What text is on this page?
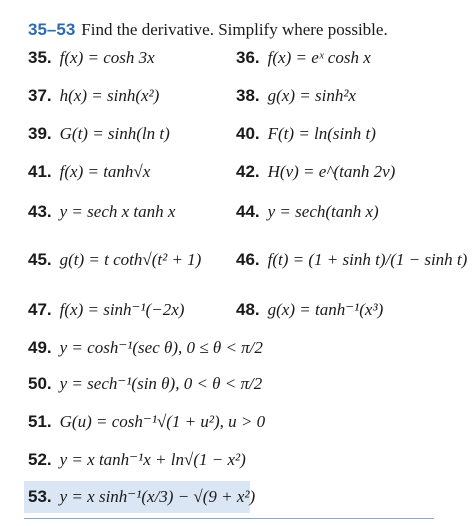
35–53 Find the derivative. Simplify where possible.
35. f(x) = cosh 3x	36. f(x) = eˣ cosh x
37. h(x) = sinh(x²)	38. g(x) = sinh²x
39. G(t) = sinh(ln t)	40. F(t) = ln(sinh t)
41. f(x) = tanh√x	42. H(v) = e^(tanh 2v)
43. y = sech x tanh x	44. y = sech(tanh x)
45. g(t) = t coth√(t² + 1) 46. f(t) = (1 + sinh t)/(1 − sinh t)
47. f(x) = sinh⁻¹(−2x)	48. g(x) = tanh⁻¹(x³)
49. y = cosh⁻¹(sec θ), 0 ≤ θ < π/2
50. y = sech⁻¹(sin θ), 0 < θ < π/2
51. G(u) = cosh⁻¹√(1 + u²), u > 0
52. y = x tanh⁻¹x + ln√(1 − x²)
53. y = x sinh⁻¹(x/3) − √(9 + x²)
